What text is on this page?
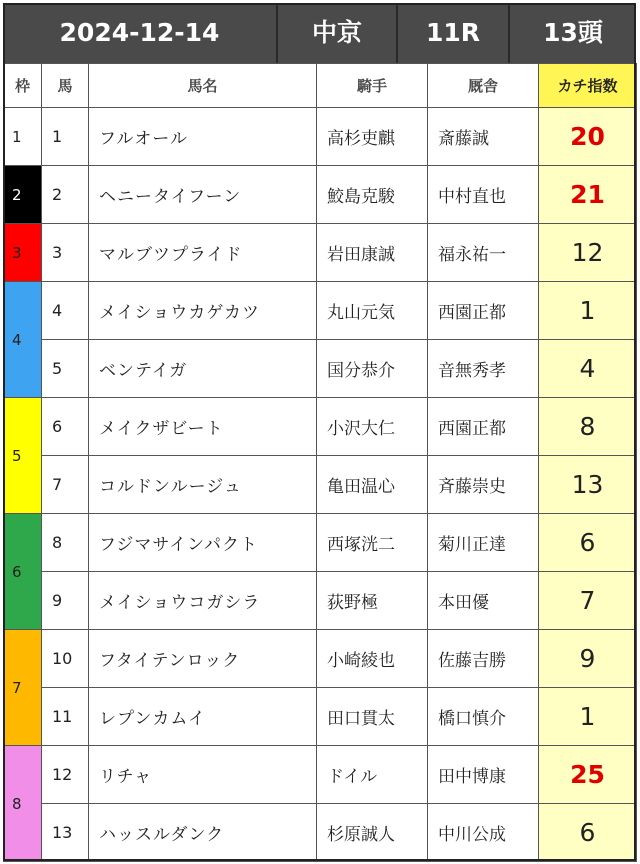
2024-12-14	中京	11R	13頭
枠	馬	馬名	騎手	厩舎	カチ指数
1	1	フルオール	高杉吏麒	斎藤誠	20
2	2	ヘニータイフーン	鮫島克駿	中村直也	21
3	3	マルブツプライド	岩田康誠	福永祐一	12
4	4	メイショウカゲカツ	丸山元気	西園正都	1
	5	ベンテイガ	国分恭介	音無秀孝	4
5	6	メイクザビート	小沢大仁	西園正都	8
	7	コルドンルージュ	亀田温心	斉藤崇史	13
6	8	フジマサインパクト	西塚洸二	菊川正達	6
	9	メイショウコガシラ	荻野極	本田優	7
7	10	フタイテンロック	小崎綾也	佐藤吉勝	9
	11	レプンカムイ	田口貫太	橋口慎介	1
8	12	リチャ	ドイル	田中博康	25
	13	ハッスルダンク	杉原誠人	中川公成	6
